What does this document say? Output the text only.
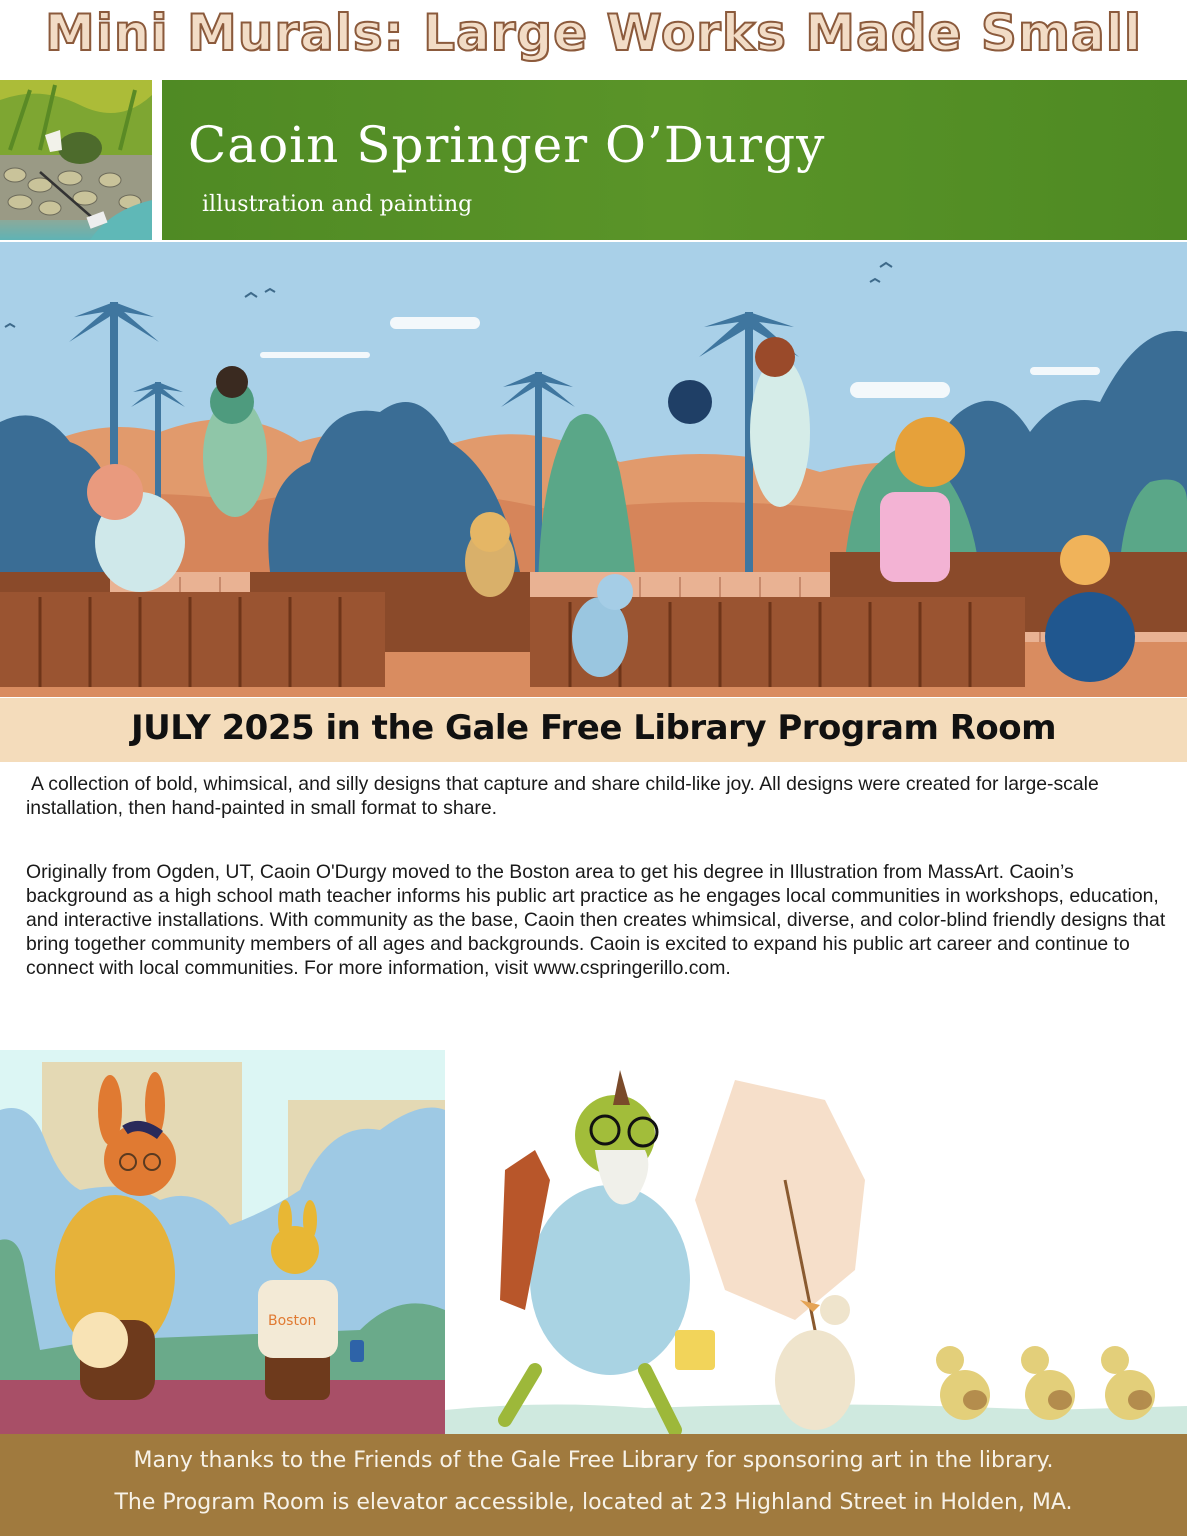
Mini Murals: Large Works Made Small
Caoin Springer O’Durgy
illustration and painting
JULY 2025 in the Gale Free Library Program Room

A collection of bold, whimsical, and silly designs that capture and share child-like joy. All designs were created for large-scale installation, then hand-painted in small format to share.

Originally from Ogden, UT, Caoin O'Durgy moved to the Boston area to get his degree in Illustration from MassArt. Caoin’s background as a high school math teacher informs his public art practice as he engages local communities in workshops, education, and interactive installations. With community as the base, Caoin then creates whimsical, diverse, and color-blind friendly designs that bring together community members of all ages and backgrounds. Caoin is excited to expand his public art career and continue to connect with local communities. For more information, visit www.cspringerillo.com.

Boston
Many thanks to the Friends of the Gale Free Library for sponsoring art in the library.
The Program Room is elevator accessible, located at 23 Highland Street in Holden, MA.
